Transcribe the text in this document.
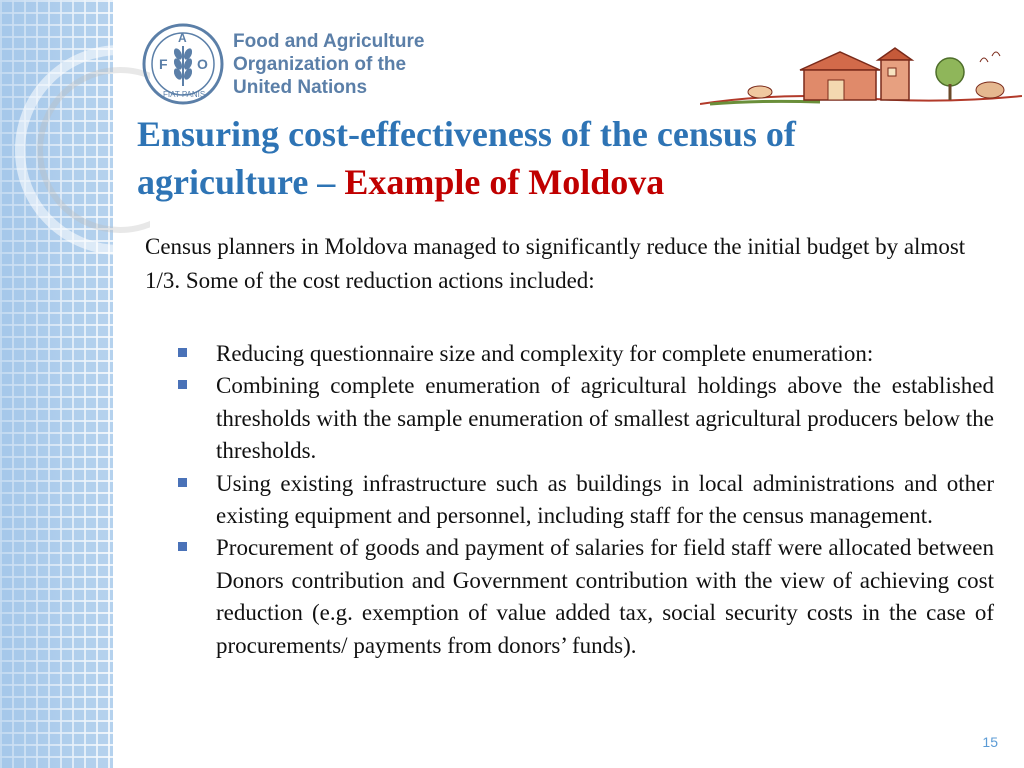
F
A
O
FIAT PANIS
Food and Agriculture
Organization of the
United Nations
Ensuring cost-effectiveness of the census of
agriculture – Example of Moldova
Census planners in Moldova managed to significantly reduce the initial budget by almost 1/3. Some of the cost reduction actions included:
Reducing questionnaire size and complexity for complete enumeration:
Combining complete enumeration of agricultural holdings above the established thresholds with the sample enumeration of smallest agricultural producers below the thresholds.
Using existing infrastructure such as buildings in local administrations and other existing equipment and personnel, including staff for the census management.
Procurement of goods and payment of salaries for field staff were allocated between Donors contribution and Government contribution with the view of achieving cost reduction (e.g. exemption of value added tax, social security costs in the case of procurements/ payments from donors’ funds).
15
